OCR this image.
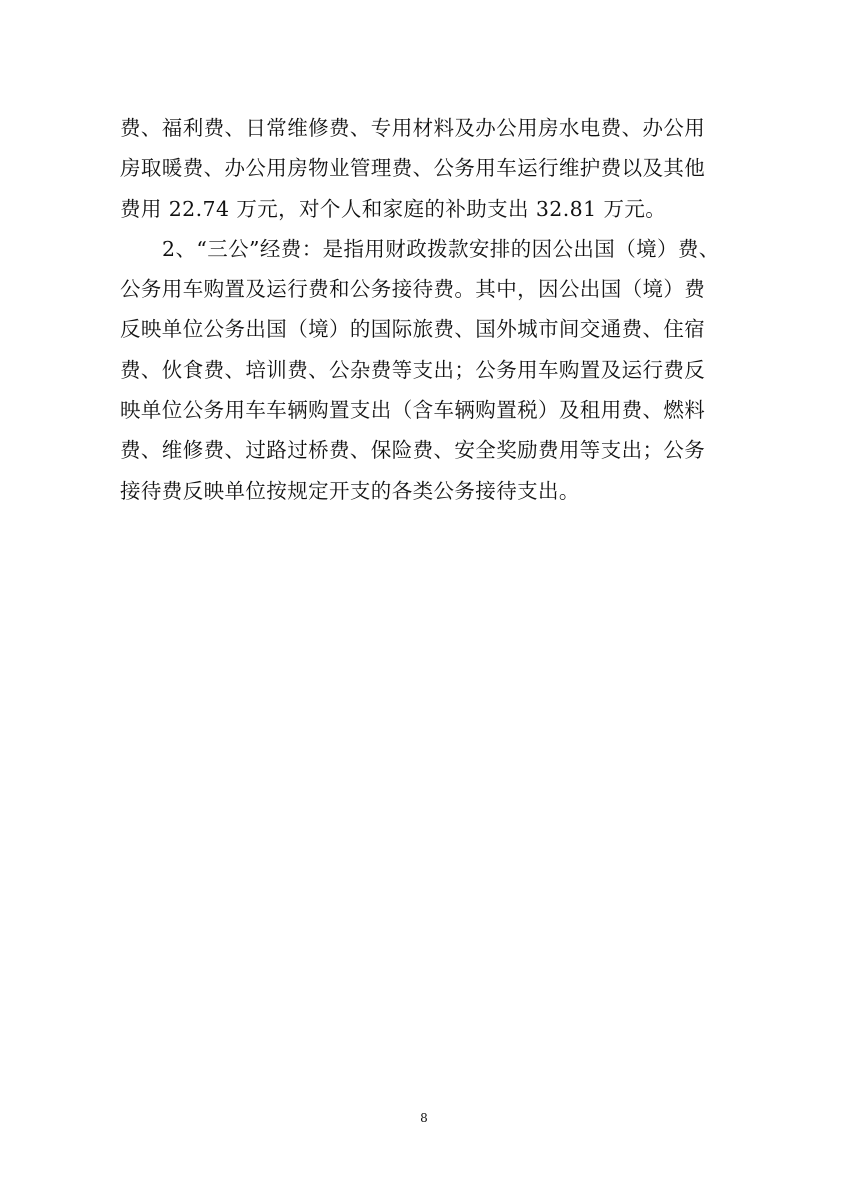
费、福利费、日常维修费、专用材料及办公用房水电费、办公用
房取暖费、办公用房物业管理费、公务用车运行维护费以及其他
费用 22.74 万元，对个人和家庭的补助支出 32.81 万元。
2、“三公”经费：是指用财政拨款安排的因公出国（境）费、
公务用车购置及运行费和公务接待费。其中，因公出国（境）费
反映单位公务出国（境）的国际旅费、国外城市间交通费、住宿
费、伙食费、培训费、公杂费等支出；公务用车购置及运行费反
映单位公务用车车辆购置支出（含车辆购置税）及租用费、燃料
费、维修费、过路过桥费、保险费、安全奖励费用等支出；公务
接待费反映单位按规定开支的各类公务接待支出。
8
